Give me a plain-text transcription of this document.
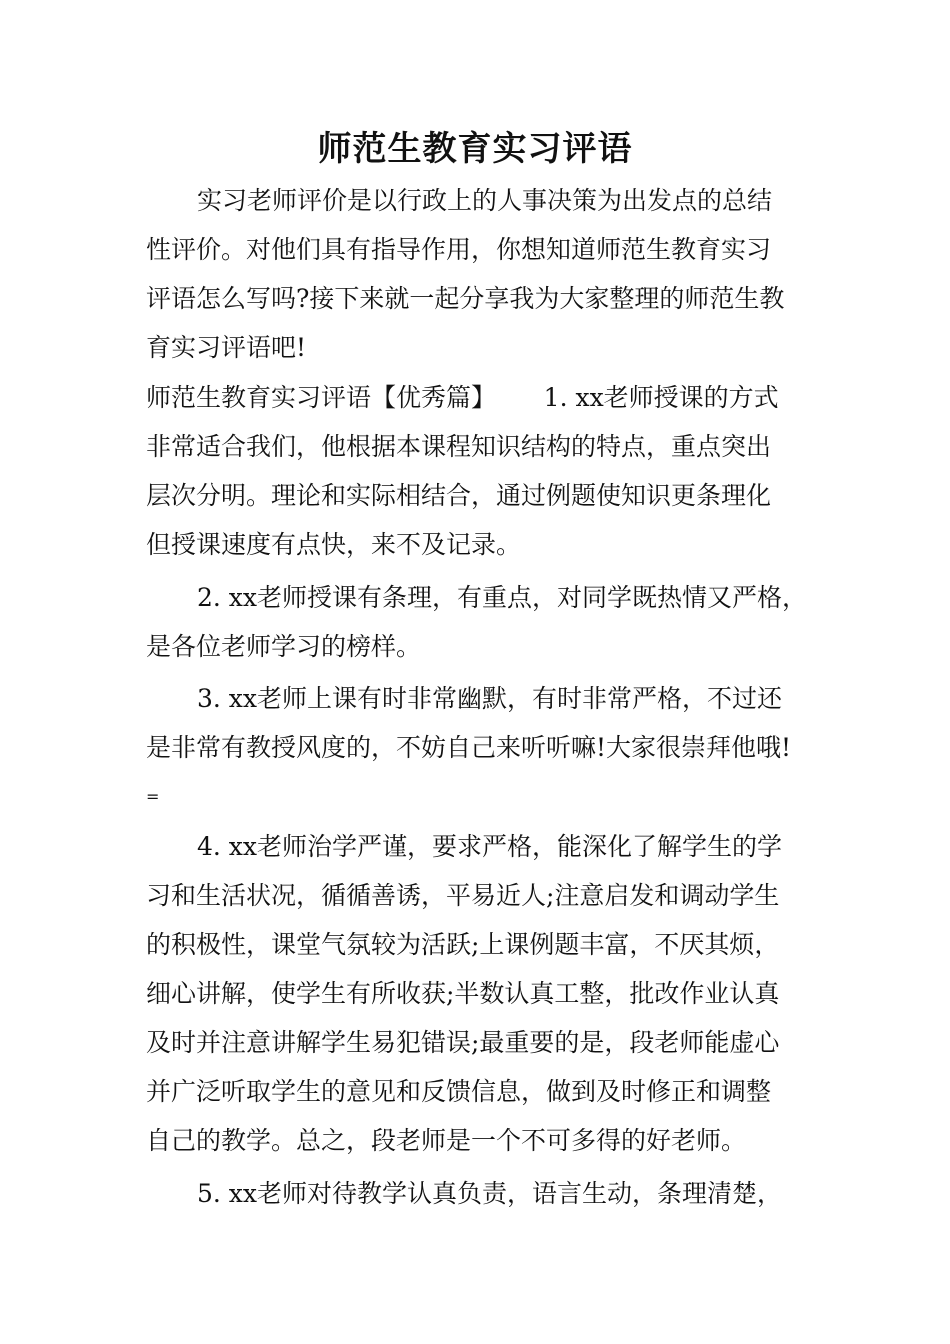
师范生教育实习评语
实习老师评价是以行政上的人事决策为出发点的总结
性评价。对他们具有指导作用，你想知道师范生教育实习
评语怎么写吗?接下来就一起分享我为大家整理的师范生教
育实习评语吧!
师范生教育实习评语【优秀篇】      1. xx老师授课的方式
非常适合我们，他根据本课程知识结构的特点，重点突出
层次分明。理论和实际相结合，通过例题使知识更条理化
但授课速度有点快，来不及记录。
2. xx老师授课有条理，有重点，对同学既热情又严格，
是各位老师学习的榜样。
3. xx老师上课有时非常幽默，有时非常严格，不过还
是非常有教授风度的，不妨自己来听听嘛!大家很崇拜他哦!
=
4. xx老师治学严谨，要求严格，能深化了解学生的学
习和生活状况，循循善诱，平易近人;注意启发和调动学生
的积极性，课堂气氛较为活跃;上课例题丰富，不厌其烦，
细心讲解，使学生有所收获;半数认真工整，批改作业认真
及时并注意讲解学生易犯错误;最重要的是，段老师能虚心
并广泛听取学生的意见和反馈信息，做到及时修正和调整
自己的教学。总之，段老师是一个不可多得的好老师。
5. xx老师对待教学认真负责，语言生动，条理清楚，
